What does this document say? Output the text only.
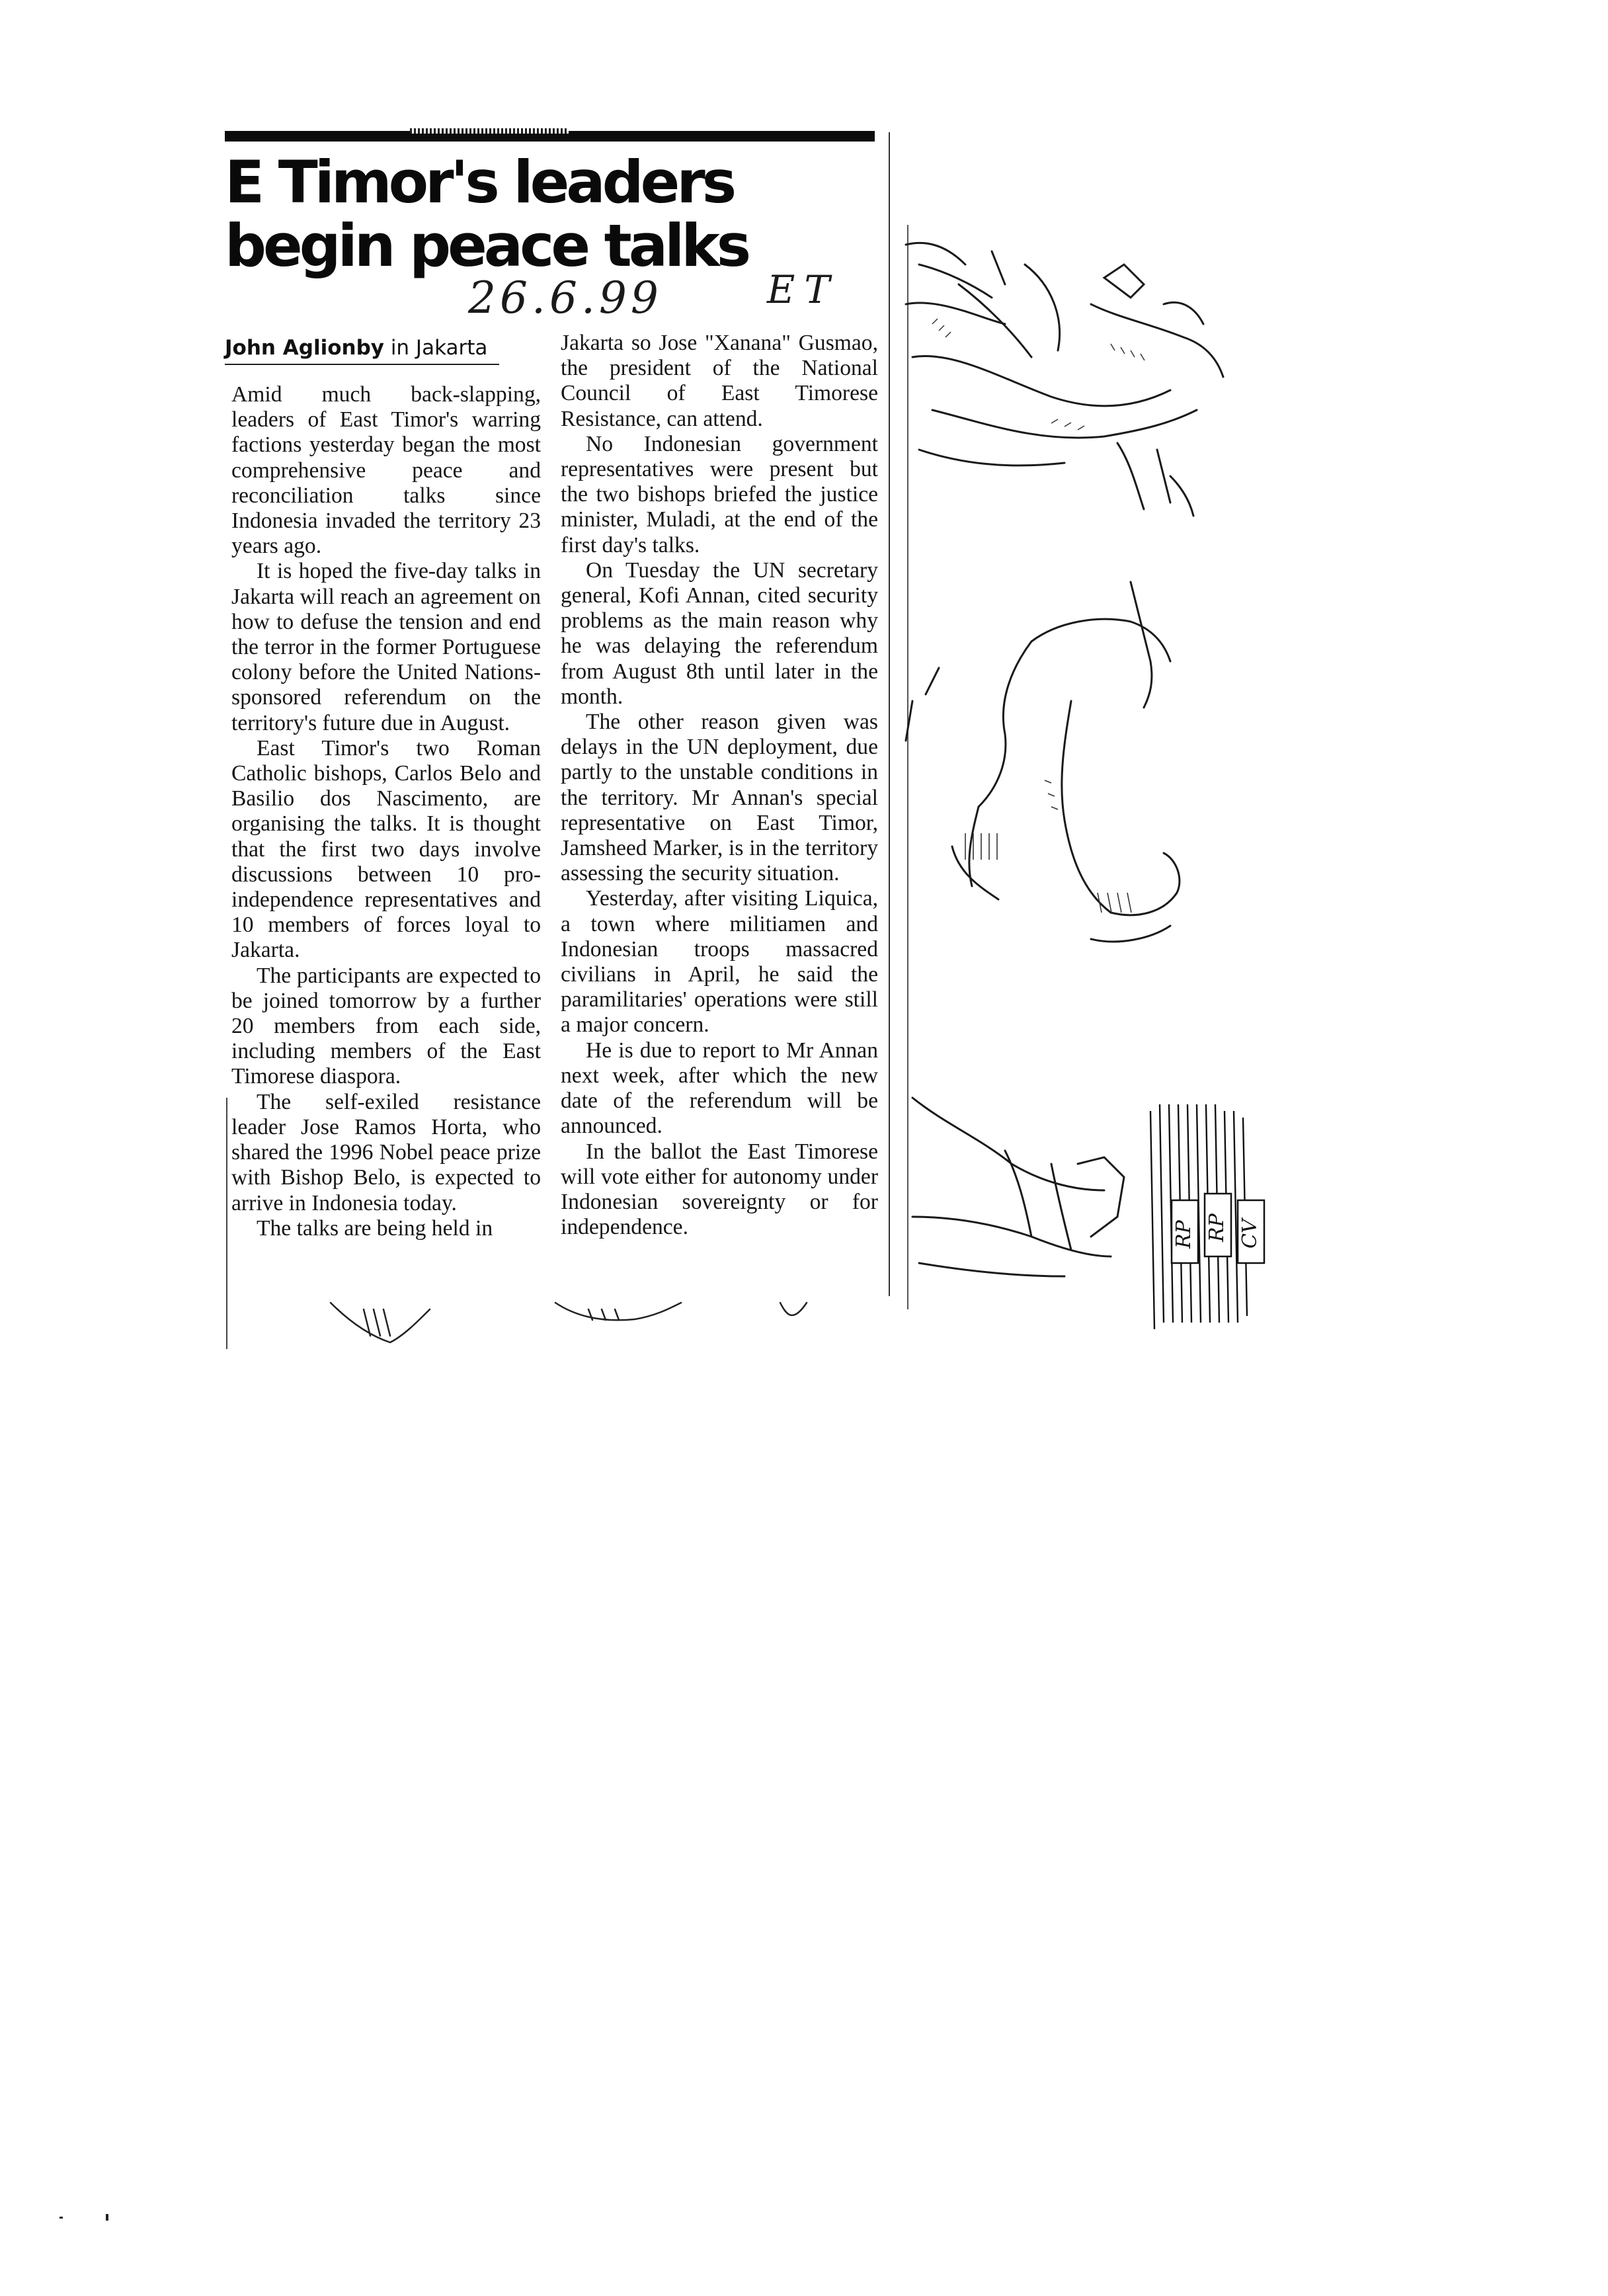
E Timor's leaders
begin peace talks
26.6.99	ET
John Aglionby in Jakarta

Amid much back-slapping, leaders of East Timor's warring factions yesterday began the most comprehensive peace and reconciliation talks since Indonesia invaded the territory 23 years ago.

It is hoped the five-day talks in Jakarta will reach an agreement on how to defuse the tension and end the terror in the former Portuguese colony before the United Nations-sponsored referendum on the territory's future due in August.

East Timor's two Roman Catholic bishops, Carlos Belo and Basilio dos Nascimento, are organising the talks. It is thought that the first two days involve discussions between 10 pro-independence representatives and 10 members of forces loyal to Jakarta.

The participants are expected to be joined tomorrow by a further 20 members from each side, including members of the East Timorese diaspora.

The self-exiled resistance leader Jose Ramos Horta, who shared the 1996 Nobel peace prize with Bishop Belo, is expected to arrive in Indonesia today.

The talks are being held in

Jakarta so Jose "Xanana" Gusmao, the president of the National Council of East Timorese Resistance, can attend.

No Indonesian government representatives were present but the two bishops briefed the justice minister, Muladi, at the end of the first day's talks.

On Tuesday the UN secretary general, Kofi Annan, cited security problems as the main reason why he was delaying the referendum from August 8th until later in the month.

The other reason given was delays in the UN deployment, due partly to the unstable conditions in the territory. Mr Annan's special representative on East Timor, Jamsheed Marker, is in the territory assessing the security situation.

Yesterday, after visiting Liquica, a town where militiamen and Indonesian troops massacred civilians in April, he said the paramilitaries' operations were still a major concern.

He is due to report to Mr Annan next week, after which the new date of the referendum will be announced.

In the ballot the East Timorese will vote either for autonomy under Indonesian sovereignty or for independence.	RP RP CV
